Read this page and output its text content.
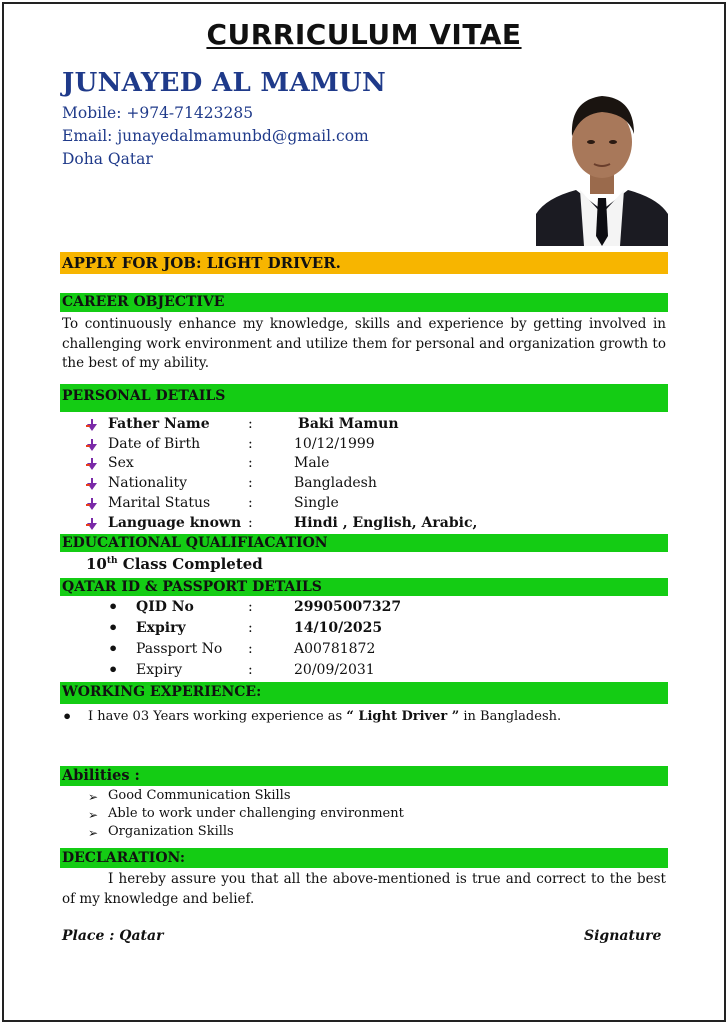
CURRICULUM VITAE
JUNAYED AL MAMUN
Mobile: +974-71423285
Email: junayedalmamunbd@gmail.com
Doha Qatar
APPLY FOR JOB: LIGHT DRIVER.
CAREER OBJECTIVE
To continuously enhance my knowledge, skills and experience by getting involved in challenging work environment and utilize them for personal and organization growth to the best of my ability.
PERSONAL DETAILS
Father Name	:	Baki Mamun
Date of Birth	:	10/12/1999
Sex	:	Male
Nationality	:	Bangladesh
Marital Status	:	Single
Language known :	Hindi , English, Arabic,
EDUCATIONAL QUALIFIACATION
10th Class Completed
QATAR ID & PASSPORT DETAILS
• QID No	:	29905007327
• Expiry	:	14/10/2025
• Passport No :	A00781872
• Expiry	:	20/09/2031
WORKING EXPERIENCE:
• I have 03 Years working experience as “ Light Driver ” in Bangladesh.
Abilities :
➢ Good Communication Skills
➢ Able to work under challenging environment
➢ Organization Skills
DECLARATION:
I hereby assure you that all the above-mentioned is true and correct to the best of my knowledge and belief.
Place : Qatar	Signature
